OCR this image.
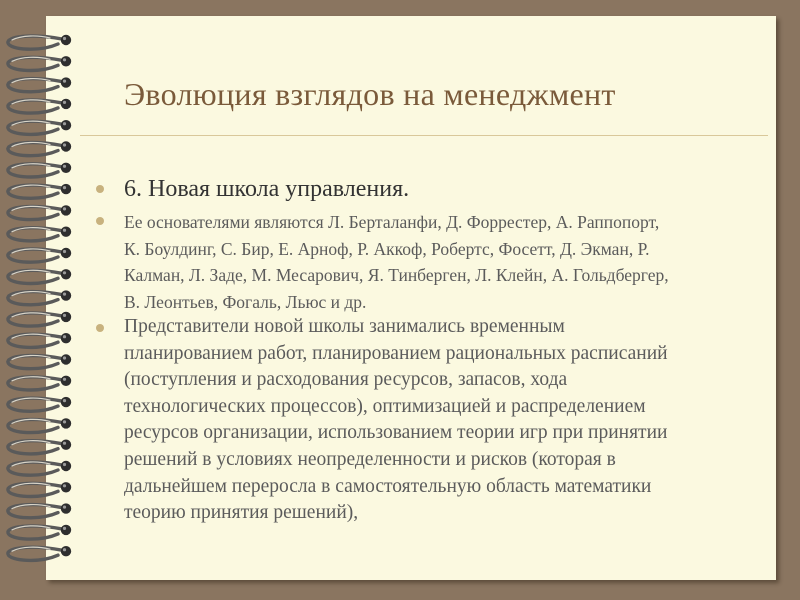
Эволюция взглядов на менеджмент
6. Новая школа управления.
Ее основателями являются Л. Берталанфи, Д. Форрестер, А. Раппопорт,
К. Боулдинг, С. Бир, Е. Арноф, Р. Аккоф, Робертс, Фосетт, Д. Экман, Р.
Калман, Л. Заде, М. Месарович, Я. Тинберген, Л. Клейн, А. Гольдбергер,
В. Леонтьев, Фогаль, Льюс и др.
Представители новой школы занимались временным
планированием работ, планированием рациональных расписаний
(поступления и расходования ресурсов, запасов, хода
технологических процессов), оптимизацией и распределением
ресурсов организации, использованием теории игр при принятии
решений в условиях неопределенности и рисков (которая в
дальнейшем переросла в самостоятельную область математики
теорию принятия решений),
